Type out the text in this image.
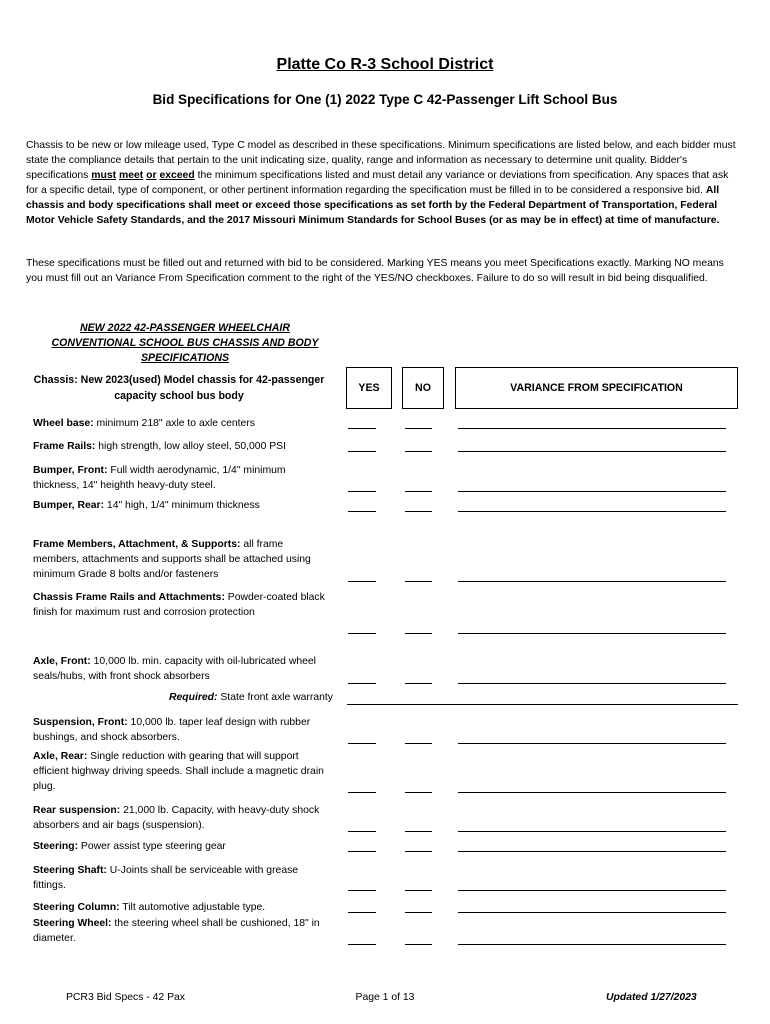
Platte Co R-3 School District
Bid Specifications for One (1) 2022 Type C 42-Passenger Lift School Bus
Chassis to be new or low mileage used, Type C model as described in these specifications. Minimum specifications are listed below, and each bidder must state the compliance details that pertain to the unit indicating size, quality, range and information as necessary to determine unit quality. Bidder's specifications must meet or exceed the minimum specifications listed and must detail any variance or deviations from specification. Any spaces that ask for a specific detail, type of component, or other pertinent information regarding the specification must be filled in to be considered a responsive bid. All chassis and body specifications shall meet or exceed those specifications as set forth by the Federal Department of Transportation, Federal Motor Vehicle Safety Standards, and the 2017 Missouri Minimum Standards for School Buses (or as may be in effect) at time of manufacture.
These specifications must be filled out and returned with bid to be considered. Marking YES means you meet Specifications exactly. Marking NO means you must fill out an Variance From Specification comment to the right of the YES/NO checkboxes. Failure to do so will result in bid being disqualified.
NEW 2022 42-PASSENGER WHEELCHAIR CONVENTIONAL SCHOOL BUS CHASSIS AND BODY SPECIFICATIONS
Chassis: New 2023(used) Model chassis for 42-passenger capacity school bus body
YES	NO	VARIANCE FROM SPECIFICATION
Wheel base: minimum 218" axle to axle centers
Frame Rails: high strength, low alloy steel, 50,000 PSI
Bumper, Front: Full width aerodynamic, 1/4" minimum thickness, 14" heighth heavy-duty steel.
Bumper, Rear: 14" high, 1/4" minimum thickness
Frame Members, Attachment, & Supports: all frame members, attachments and supports shall be attached using minimum Grade 8 bolts and/or fasteners
Chassis Frame Rails and Attachments: Powder-coated black finish for maximum rust and corrosion protection
Axle, Front: 10,000 lb. min. capacity with oil-lubricated wheel seals/hubs, with front shock absorbers
Required: State front axle warranty
Suspension, Front: 10,000 lb. taper leaf design with rubber bushings, and shock absorbers.
Axle, Rear: Single reduction with gearing that will support efficient highway driving speeds. Shall include a magnetic drain plug.
Rear suspension: 21,000 lb. Capacity, with heavy-duty shock absorbers and air bags (suspension).
Steering: Power assist type steering gear
Steering Shaft: U-Joints shall be serviceable with grease fittings.
Steering Column: Tilt automotive adjustable type.
Steering Wheel: the steering wheel shall be cushioned, 18" in diameter.
PCR3 Bid Specs - 42 Pax	Page 1 of 13	Updated 1/27/2023
